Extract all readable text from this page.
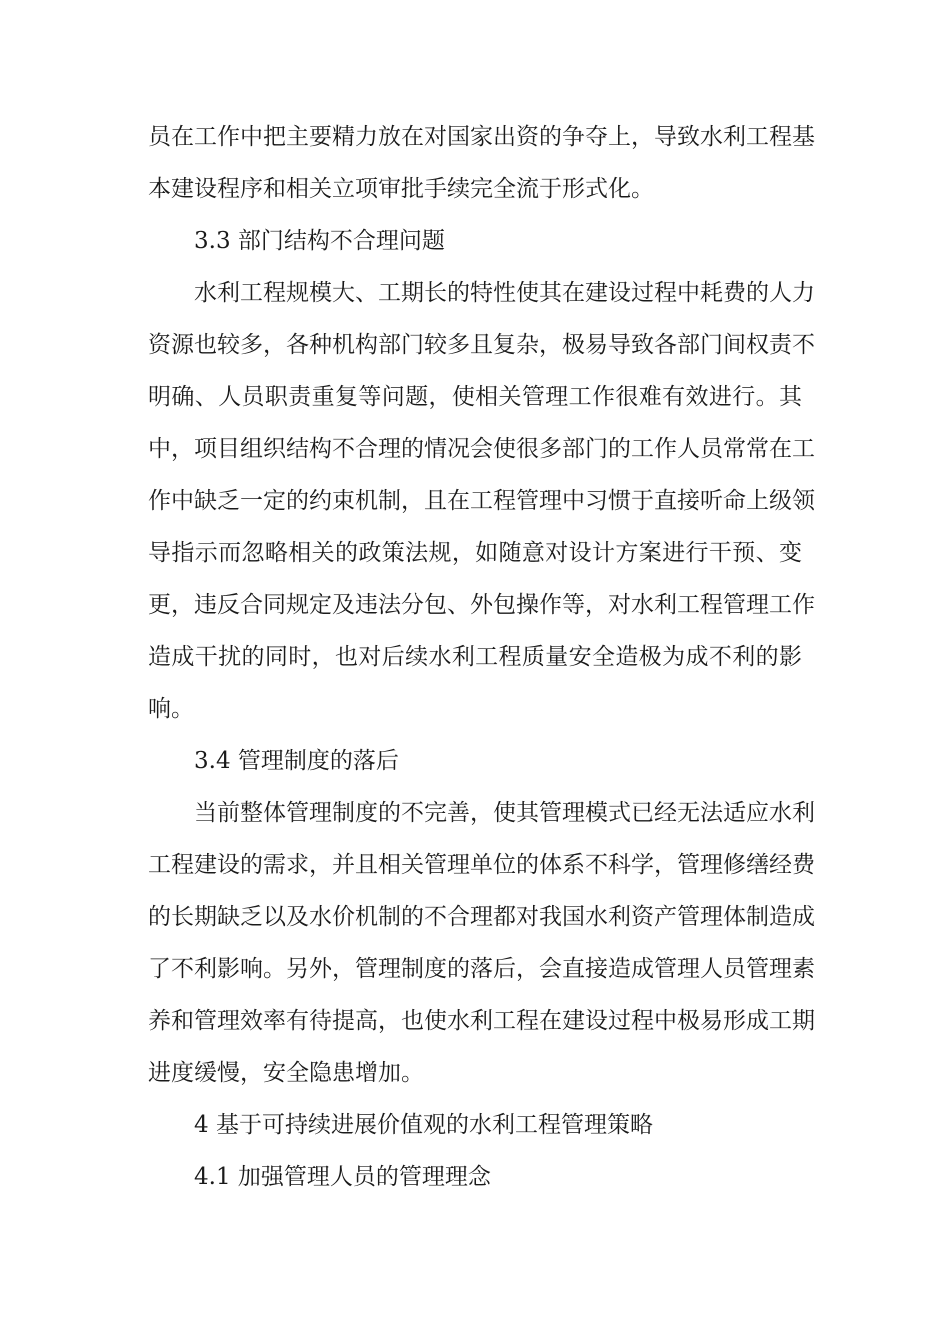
员在工作中把主要精力放在对国家出资的争夺上，导致水利工程基
本建设程序和相关立项审批手续完全流于形式化。
3.3 部门结构不合理问题
水利工程规模大、工期长的特性使其在建设过程中耗费的人力
资源也较多，各种机构部门较多且复杂，极易导致各部门间权责不
明确、人员职责重复等问题，使相关管理工作很难有效进行。其
中，项目组织结构不合理的情况会使很多部门的工作人员常常在工
作中缺乏一定的约束机制，且在工程管理中习惯于直接听命上级领
导指示而忽略相关的政策法规，如随意对设计方案进行干预、变
更，违反合同规定及违法分包、外包操作等，对水利工程管理工作
造成干扰的同时，也对后续水利工程质量安全造极为成不利的影
响。
3.4 管理制度的落后
当前整体管理制度的不完善，使其管理模式已经无法适应水利
工程建设的需求，并且相关管理单位的体系不科学，管理修缮经费
的长期缺乏以及水价机制的不合理都对我国水利资产管理体制造成
了不利影响。另外，管理制度的落后，会直接造成管理人员管理素
养和管理效率有待提高，也使水利工程在建设过程中极易形成工期
进度缓慢，安全隐患增加。
4 基于可持续进展价值观的水利工程管理策略
4.1 加强管理人员的管理理念
